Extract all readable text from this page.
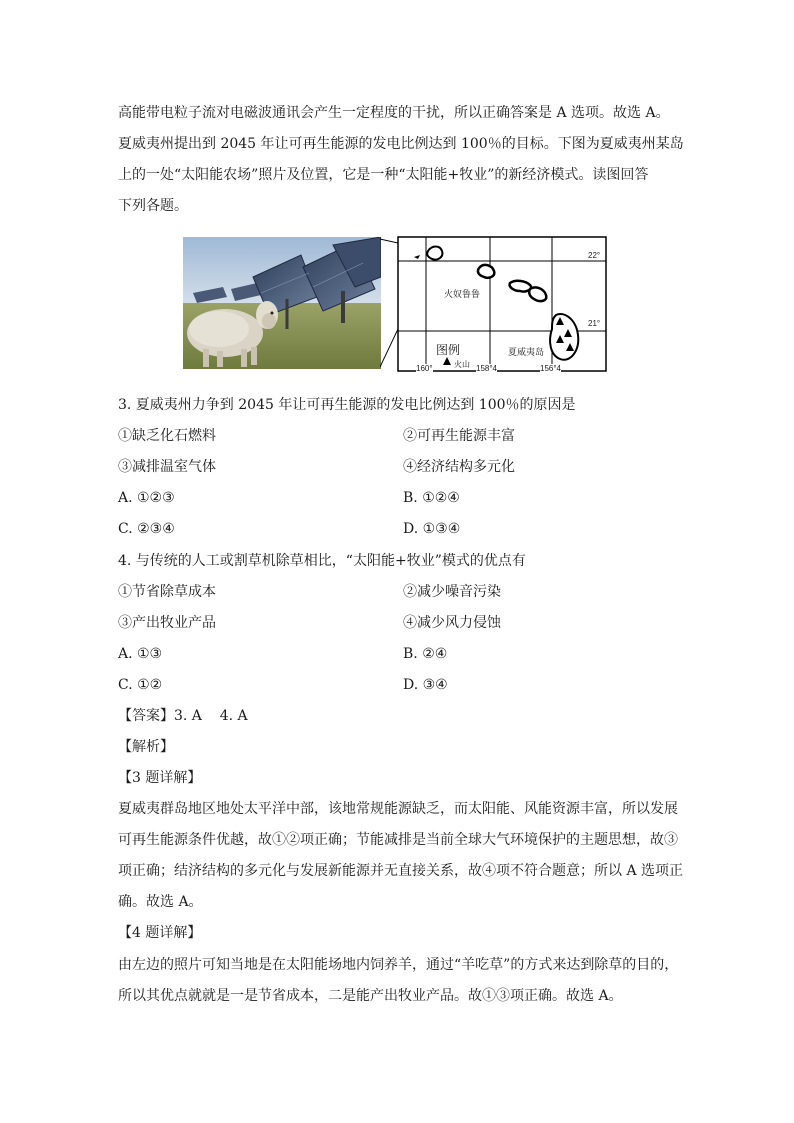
高能带电粒子流对电磁波通讯会产生一定程度的干扰，所以正确答案是 A 选项。故选 A。
夏威夷州提出到 2045 年让可再生能源的发电比例达到 100％的目标。下图为夏威夷州某岛
上的一处“太阳能农场”照片及位置，它是一种“太阳能+牧业”的新经济模式。读图回答
下列各题。
22°
21°
160°	158°4	156°4
火奴鲁鲁
夏威夷岛
图例
火山
3. 夏威夷州力争到 2045 年让可再生能源的发电比例达到 100％的原因是
①缺乏化石燃料	②可再生能源丰富
③减排温室气体	④经济结构多元化
A. ①②③	B. ①②④
C. ②③④	D. ①③④
4. 与传统的人工或割草机除草相比，“太阳能+牧业”模式的优点有
①节省除草成本	②减少噪音污染
③产出牧业产品	④减少风力侵蚀
A. ①③	B. ②④
C. ①②	D. ③④
【答案】3. A    4. A
【解析】
【3 题详解】
夏威夷群岛地区地处太平洋中部，该地常规能源缺乏，而太阳能、风能资源丰富，所以发展
可再生能源条件优越，故①②项正确；节能减排是当前全球大气环境保护的主题思想，故③
项正确；结济结构的多元化与发展新能源并无直接关系，故④项不符合题意；所以 A 选项正
确。故选 A。
【4 题详解】
由左边的照片可知当地是在太阳能场地内饲养羊，通过“羊吃草”的方式来达到除草的目的，
所以其优点就就是一是节省成本，二是能产出牧业产品。故①③项正确。故选 A。
